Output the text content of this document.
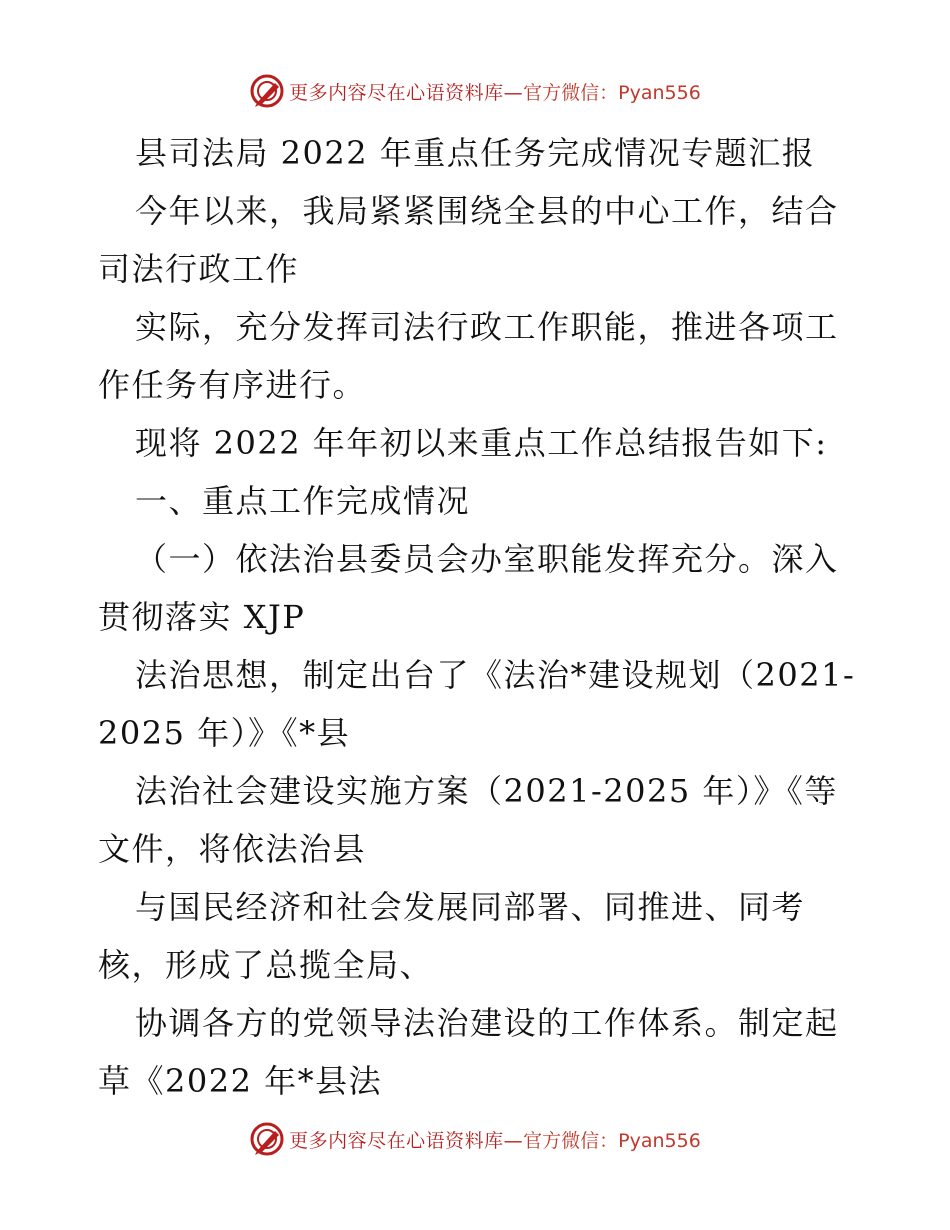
更多内容尽在心语资料库— 官方微信：Pyan556
县司法局 2022 年重点任务完成情况专题汇报
今年以来，我局紧紧围绕全县的中心工作，结合
司法行政工作
实际，充分发挥司法行政工作职能，推进各项工
作任务有序进行。
现将 2022 年年初以来重点工作总结报告如下:
一、重点工作完成情况
（一）依法治县委员会办室职能发挥充分。深入
贯彻落实 XJP
法治思想，制定出台了《法治*建设规划（2021-
2025 年）》《*县
法治社会建设实施方案（2021-2025 年）》《等
文件，将依法治县
与国民经济和社会发展同部署、同推进、同考
核，形成了总揽全局、
协调各方的党领导法治建设的工作体系。制定起
草《2022 年*县法
更多内容尽在心语资料库— 官方微信：Pyan556
